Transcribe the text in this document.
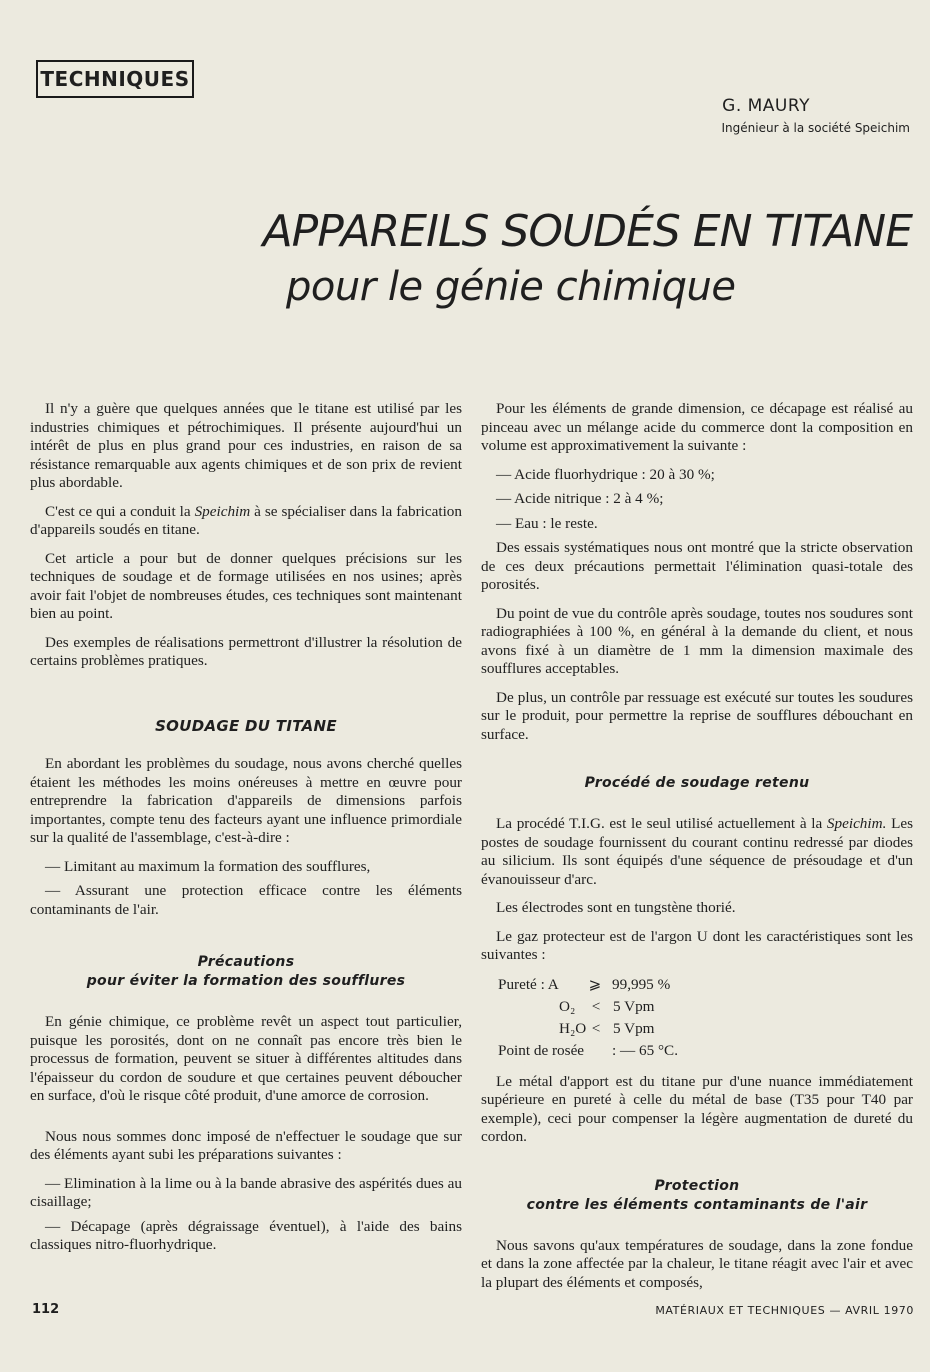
TECHNIQUES
G. MAURY
Ingénieur à la société Speichim
APPAREILS SOUDÉS EN TITANE
pour le génie chimique

Il n'y a guère que quelques années que le titane est utilisé par les industries chimiques et pétrochimiques. Il présente aujourd'hui un intérêt de plus en plus grand pour ces industries, en raison de sa résistance remarquable aux agents chimiques et de son prix de revient plus abordable.

C'est ce qui a conduit la Speichim à se spécialiser dans la fabrication d'appareils soudés en titane.

Cet article a pour but de donner quelques précisions sur les techniques de soudage et de formage utilisées en nos usines; après avoir fait l'objet de nombreuses études, ces techniques sont maintenant bien au point.

Des exemples de réalisations permettront d'illustrer la résolution de certains problèmes pratiques.

SOUDAGE DU TITANE

En abordant les problèmes du soudage, nous avons cherché quelles étaient les méthodes les moins onéreuses à mettre en œuvre pour entreprendre la fabrication d'appareils de dimensions parfois importantes, compte tenu des facteurs ayant une influence primordiale sur la qualité de l'assemblage, c'est-à-dire :

— Limitant au maximum la formation des soufflures,

— Assurant une protection efficace contre les éléments contaminants de l'air.

Précautions
pour éviter la formation des soufflures

En génie chimique, ce problème revêt un aspect tout particulier, puisque les porosités, dont on ne connaît pas encore très bien le processus de formation, peuvent se situer à différentes altitudes dans l'épaisseur du cordon de soudure et que certaines peuvent déboucher en surface, d'où le risque côté produit, d'une amorce de corrosion.

Nous nous sommes donc imposé de n'effectuer le soudage que sur des éléments ayant subi les préparations suivantes :

— Elimination à la lime ou à la bande abrasive des aspérités dues au cisaillage;

— Décapage (après dégraissage éventuel), à l'aide des bains classiques nitro-fluorhydrique.

Pour les éléments de grande dimension, ce décapage est réalisé au pinceau avec un mélange acide du commerce dont la composition en volume est approximativement la suivante :

— Acide fluorhydrique : 20 à 30 %;

— Acide nitrique : 2 à 4 %;

— Eau : le reste.

Des essais systématiques nous ont montré que la stricte observation de ces deux précautions permettait l'élimination quasi-totale des porosités.

Du point de vue du contrôle après soudage, toutes nos soudures sont radiographiées à 100 %, en général à la demande du client, et nous avons fixé à un diamètre de 1 mm la dimension maximale des soufflures acceptables.

De plus, un contrôle par ressuage est exécuté sur toutes les soudures sur le produit, pour permettre la reprise de soufflures débouchant en surface.

Procédé de soudage retenu

La procédé T.I.G. est le seul utilisé actuellement à la Speichim. Les postes de soudage fournissent du courant continu redressé par diodes au silicium. Ils sont équipés d'une séquence de présoudage et d'un évanouisseur d'arc.

Les électrodes sont en tungstène thorié.

Le gaz protecteur est de l'argon U dont les caractéristiques sont les suivantes :

Pureté : A	⩾ 99,995 %
O₂	< 5 Vpm
H₂O < 5 Vpm
Point de rosée	: — 65 °C.

Le métal d'apport est du titane pur d'une nuance immédiatement supérieure en pureté à celle du métal de base (T35 pour T40 par exemple), ceci pour compenser la légère augmentation de dureté du cordon.

Protection
contre les éléments contaminants de l'air

Nous savons qu'aux températures de soudage, dans la zone fondue et dans la zone affectée par la chaleur, le titane réagit avec l'air et avec la plupart des éléments et composés,

112	MATÉRIAUX ET TECHNIQUES — AVRIL 1970
